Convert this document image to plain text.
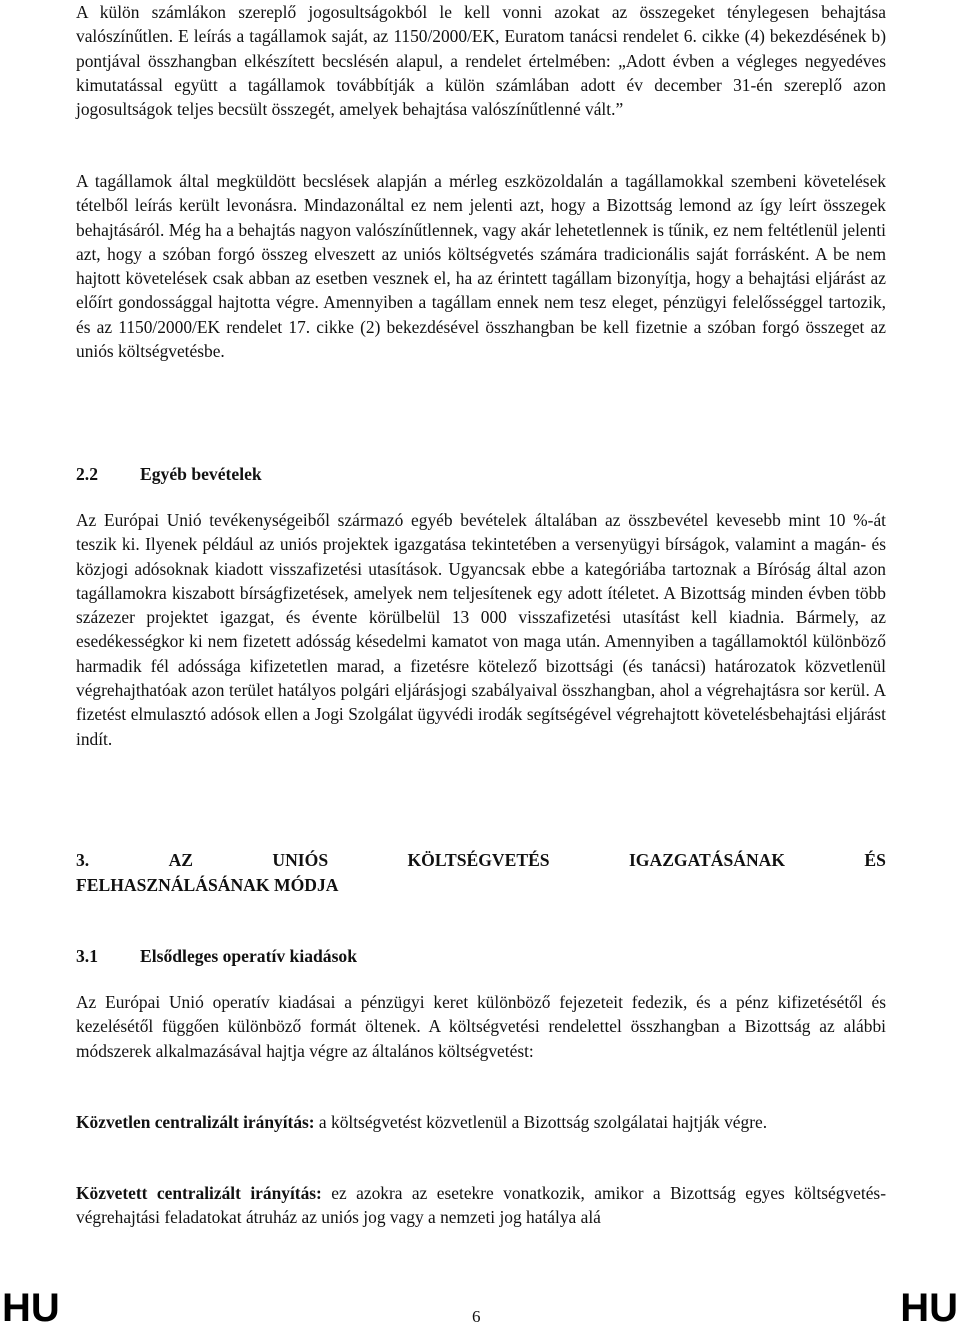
A külön számlákon szereplő jogosultságokból le kell vonni azokat az összegeket ténylegesen behajtása valószínűtlen. E leírás a tagállamok saját, az 1150/2000/EK, Euratom tanácsi rendelet 6. cikke (4) bekezdésének b) pontjával összhangban elkészített becslésén alapul, a rendelet értelmében: „Adott évben a végleges negyedéves kimutatással együtt a tagállamok továbbítják a külön számlában adott év december 31-én szereplő azon jogosultságok teljes becsült összegét, amelyek behajtása valószínűtlenné vált.”

A tagállamok által megküldött becslések alapján a mérleg eszközoldalán a tagállamokkal szembeni követelések tételből leírás került levonásra. Mindazonáltal ez nem jelenti azt, hogy a Bizottság lemond az így leírt összegek behajtásáról. Még ha a behajtás nagyon valószínűtlennek, vagy akár lehetetlennek is tűnik, ez nem feltétlenül jelenti azt, hogy a szóban forgó összeg elveszett az uniós költségvetés számára tradicionális saját forrásként. A be nem hajtott követelések csak abban az esetben vesznek el, ha az érintett tagállam bizonyítja, hogy a behajtási eljárást az előírt gondossággal hajtotta végre. Amennyiben a tagállam ennek nem tesz eleget, pénzügyi felelősséggel tartozik, és az 1150/2000/EK rendelet 17. cikke (2) bekezdésével összhangban be kell fizetnie a szóban forgó összeget az uniós költségvetésbe.

2.2 Egyéb bevételek

Az Európai Unió tevékenységeiből származó egyéb bevételek általában az összbevétel kevesebb mint 10 %-át teszik ki. Ilyenek például az uniós projektek igazgatása tekintetében a versenyügyi bírságok, valamint a magán- és közjogi adósoknak kiadott visszafizetési utasítások. Ugyancsak ebbe a kategóriába tartoznak a Bíróság által azon tagállamokra kiszabott bírságfizetések, amelyek nem teljesítenek egy adott ítéletet. A Bizottság minden évben több százezer projektet igazgat, és évente körülbelül 13 000 visszafizetési utasítást kell kiadnia. Bármely, az esedékességkor ki nem fizetett adósság késedelmi kamatot von maga után. Amennyiben a tagállamoktól különböző harmadik fél adóssága kifizetetlen marad, a fizetésre kötelező bizottsági (és tanácsi) határozatok közvetlenül végrehajthatóak azon terület hatályos polgári eljárásjogi szabályaival összhangban, ahol a végrehajtásra sor kerül. A fizetést elmulasztó adósok ellen a Jogi Szolgálat ügyvédi irodák segítségével végrehajtott követelésbehajtási eljárást indít.

3.	AZ	UNIÓS	KÖLTSÉGVETÉS	IGAZGATÁSÁNAK	ÉS
FELHASZNÁLÁSÁNAK MÓDJA
3.1 Elsődleges operatív kiadások

Az Európai Unió operatív kiadásai a pénzügyi keret különböző fejezeteit fedezik, és a pénz kifizetésétől és kezelésétől függően különböző formát öltenek. A költségvetési rendelettel összhangban a Bizottság az alábbi módszerek alkalmazásával hajtja végre az általános költségvetést:

Közvetlen centralizált irányítás: a költségvetést közvetlenül a Bizottság szolgálatai hajtják végre.

Közvetett centralizált irányítás: ez azokra az esetekre vonatkozik, amikor a Bizottság egyes költségvetés-végrehajtási feladatokat átruház az uniós jog vagy a nemzeti jog hatálya alá

HU	6	HU
